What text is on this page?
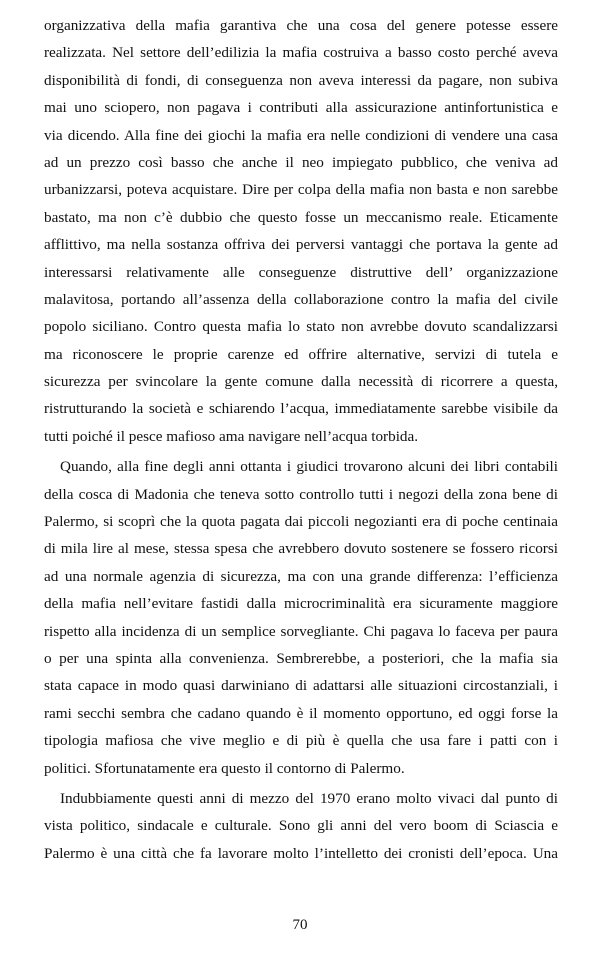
organizzativa della mafia garantiva che una cosa del genere potesse essere
realizzata. Nel settore dell’edilizia la mafia costruiva a basso costo perché aveva
disponibilità di fondi, di conseguenza non aveva interessi da pagare, non subiva
mai uno sciopero, non pagava i contributi alla assicurazione antinfortunistica e
via dicendo. Alla fine dei giochi la mafia era nelle condizioni di vendere una casa
ad un prezzo così basso che anche il neo impiegato pubblico, che veniva ad
urbanizzarsi, poteva acquistare. Dire per colpa della mafia non basta e non sarebbe
bastato, ma non c’è dubbio che questo fosse un meccanismo reale. Eticamente
afflittivo, ma nella sostanza offriva dei perversi vantaggi che portava la gente ad
interessarsi relativamente alle conseguenze distruttive dell’ organizzazione
malavitosa, portando all’assenza della collaborazione contro la mafia del civile
popolo siciliano. Contro questa mafia lo stato non avrebbe dovuto scandalizzarsi
ma riconoscere le proprie carenze ed offrire alternative, servizi di tutela e
sicurezza per svincolare la gente comune dalla necessità di ricorrere a questa,
ristrutturando la società e schiarendo l’acqua, immediatamente sarebbe visibile da
tutti poiché il pesce mafioso ama navigare nell’acqua torbida.
Quando, alla fine degli anni ottanta i giudici trovarono alcuni dei libri contabili
della cosca di Madonia che teneva sotto controllo tutti i negozi della zona bene di
Palermo, si scoprì che la quota pagata dai piccoli negozianti era di poche centinaia
di mila lire al mese, stessa spesa che avrebbero dovuto sostenere se fossero ricorsi
ad una normale agenzia di sicurezza, ma con una grande differenza: l’efficienza
della mafia nell’evitare fastidi dalla microcriminalità era sicuramente maggiore
rispetto alla incidenza di un semplice sorvegliante. Chi pagava lo faceva per paura
o per una spinta alla convenienza. Sembrerebbe, a posteriori, che la mafia sia
stata capace in modo quasi darwiniano di adattarsi alle situazioni circostanziali, i
rami secchi sembra che cadano quando è il momento opportuno, ed oggi forse la
tipologia mafiosa che vive meglio e di più è quella che usa fare i patti con i
politici. Sfortunatamente era questo il contorno di Palermo.
Indubbiamente questi anni di mezzo del 1970 erano molto vivaci dal punto di
vista politico, sindacale e culturale. Sono gli anni del vero boom di Sciascia e
Palermo è una città che fa lavorare molto l’intelletto dei cronisti dell’epoca. Una
70
